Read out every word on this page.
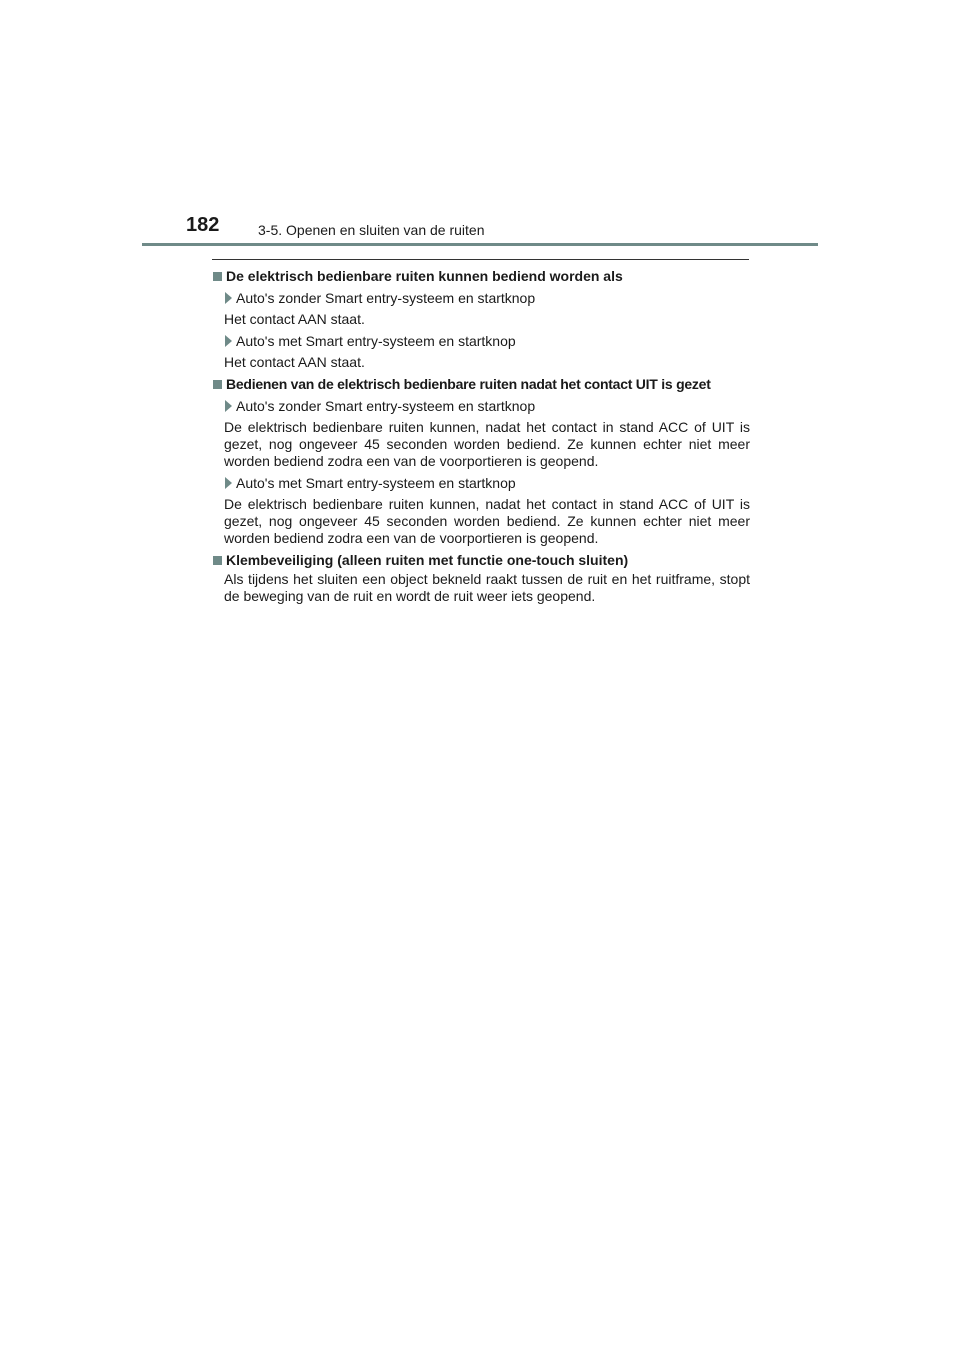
182	3-5. Openen en sluiten van de ruiten
De elektrisch bedienbare ruiten kunnen bediend worden als
Auto's zonder Smart entry-systeem en startknop
Het contact AAN staat.
Auto's met Smart entry-systeem en startknop
Het contact AAN staat.
Bedienen van de elektrisch bedienbare ruiten nadat het contact UIT is gezet
Auto's zonder Smart entry-systeem en startknop
De elektrisch bedienbare ruiten kunnen, nadat het contact in stand ACC of UIT is gezet, nog ongeveer 45 seconden worden bediend. Ze kunnen echter niet meer worden bediend zodra een van de voorportieren is geopend.
Auto's met Smart entry-systeem en startknop
De elektrisch bedienbare ruiten kunnen, nadat het contact in stand ACC of UIT is gezet, nog ongeveer 45 seconden worden bediend. Ze kunnen echter niet meer worden bediend zodra een van de voorportieren is geopend.
Klembeveiliging (alleen ruiten met functie one-touch sluiten)
Als tijdens het sluiten een object bekneld raakt tussen de ruit en het ruitframe, stopt de beweging van de ruit en wordt de ruit weer iets geopend.
